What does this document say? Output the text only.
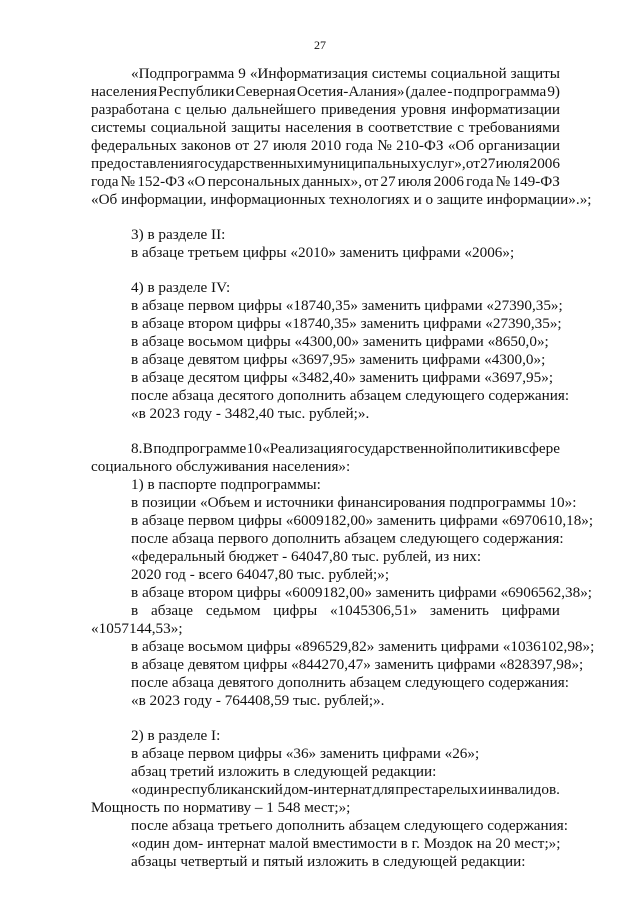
27
«Подпрограмма 9 «Информатизация системы социальной защиты
населения Республики Северная Осетия-Алания» (далее - подпрограмма 9)
разработана с целью дальнейшего приведения уровня информатизации
системы социальной защиты населения в соответствие с требованиями
федеральных законов от 27 июля 2010 года № 210-ФЗ «Об организации
предоставления государственных и муниципальных услуг», от 27 июля 2006
года № 152-ФЗ «О персональных данных», от 27 июля 2006 года № 149-ФЗ
«Об информации, информационных технологиях и о защите информации».»;
3) в разделе II:
в абзаце третьем цифры «2010» заменить цифрами «2006»;
4) в разделе IV:
в абзаце первом цифры «18740,35» заменить цифрами «27390,35»;
в абзаце втором цифры «18740,35» заменить цифрами «27390,35»;
в абзаце восьмом цифры «4300,00» заменить цифрами «8650,0»;
в абзаце девятом цифры «3697,95» заменить цифрами «4300,0»;
в абзаце десятом цифры «3482,40» заменить цифрами «3697,95»;
после абзаца десятого дополнить абзацем следующего содержания:
«в 2023 году - 3482,40 тыс. рублей;».
8. В подпрограмме 10 «Реализация государственной политики в сфере
социального обслуживания населения»:
1) в паспорте подпрограммы:
в позиции «Объем и источники финансирования подпрограммы 10»:
в абзаце первом цифры «6009182,00» заменить цифрами «6970610,18»;
после абзаца первого дополнить абзацем следующего содержания:
«федеральный бюджет - 64047,80 тыс. рублей, из них:
2020 год - всего 64047,80 тыс. рублей;»;
в абзаце втором цифры «6009182,00» заменить цифрами «6906562,38»;
в абзаце седьмом цифры «1045306,51» заменить цифрами
«1057144,53»;
в абзаце восьмом цифры «896529,82» заменить цифрами «1036102,98»;
в абзаце девятом цифры «844270,47» заменить цифрами «828397,98»;
после абзаца девятого дополнить абзацем следующего содержания:
«в 2023 году - 764408,59 тыс. рублей;».
2) в разделе I:
в абзаце первом цифры «36» заменить цифрами «26»;
абзац третий изложить в следующей редакции:
«один республиканский дом-интернат для престарелых и инвалидов.
Мощность по нормативу – 1 548 мест;»;
после абзаца третьего дополнить абзацем следующего содержания:
«один дом- интернат малой вместимости в г. Моздок на 20 мест;»;
абзацы четвертый и пятый изложить в следующей редакции:
